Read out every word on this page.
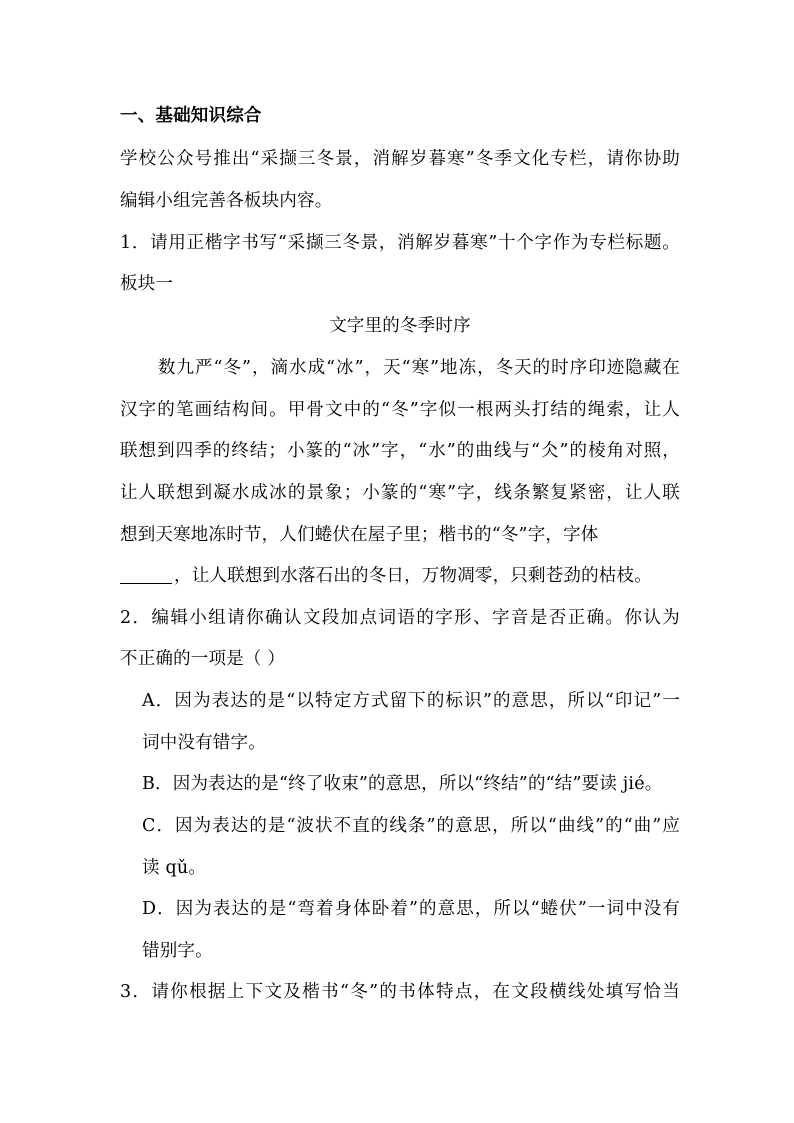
一、基础知识综合
学校公众号推出“采撷三冬景，消解岁暮寒”冬季文化专栏，请你协助
编辑小组完善各板块内容。
1．请用正楷字书写“采撷三冬景，消解岁暮寒”十个字作为专栏标题。
板块一
文字里的冬季时序
数九严“冬”，滴水成“冰”，天“寒”地冻，冬天的时序印迹隐藏在
汉字的笔画结构间。甲骨文中的“冬”字似一根两头打结的绳索，让人
联想到四季的终结；小篆的“冰”字，“水”的曲线与“仌”的棱角对照，
让人联想到凝水成冰的景象；小篆的“寒”字，线条繁复紧密，让人联
想到天寒地冻时节，人们蜷伏在屋子里；楷书的“冬”字，字体
，让人联想到水落石出的冬日，万物凋零，只剩苍劲的枯枝。
2．编辑小组请你确认文段加点词语的字形、字音是否正确。你认为
不正确的一项是（ ）
A．因为表达的是“以特定方式留下的标识”的意思，所以“印记”一
词中没有错字。
B．因为表达的是“终了收束”的意思，所以“终结”的“结”要读 jié。
C．因为表达的是“波状不直的线条”的意思，所以“曲线”的“曲”应
读 qǔ。
D．因为表达的是“弯着身体卧着”的意思，所以“蜷伏”一词中没有
错别字。
3．请你根据上下文及楷书“冬”的书体特点，在文段横线处填写恰当
